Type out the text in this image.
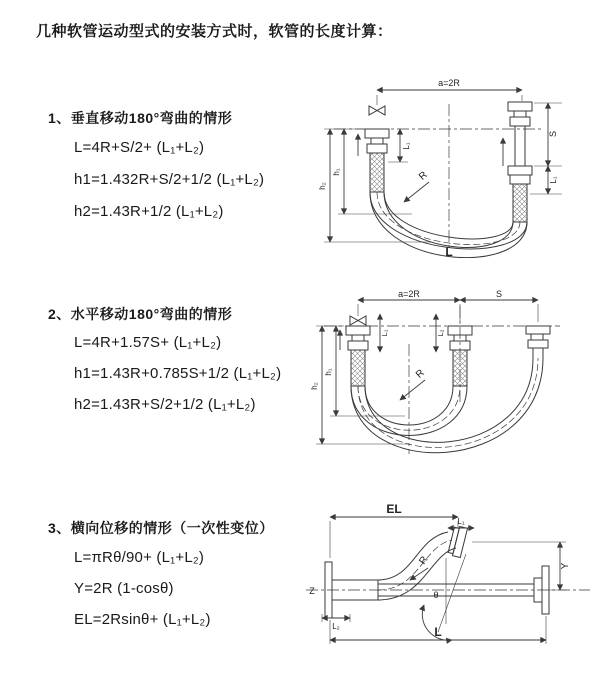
几种软管运动型式的安装方式时，软管的长度计算：
1、垂直移动180°弯曲的情形
L=4R+S/2+ (L₁+L₂)
h1=1.432R+S/2+1/2 (L₁+L₂)
h2=1.43R+1/2 (L₁+L₂)
2、水平移动180°弯曲的情形
L=4R+1.57S+ (L₁+L₂)
h1=1.43R+0.785S+1/2 (L₁+L₂)
h2=1.43R+S/2+1/2 (L₁+L₂)
3、横向位移的情形（一次性变位）
L=πRθ/90+ (L₁+L₂)
Y=2R (1-cosθ)
EL=2Rsinθ+ (L₁+L₂)
a=2R
L₁
S
L₁
R
h₁
h₂
L
a=2R	S
L₁	L₂
R
h₁
h₂
Z
EL
L₁
L₂
θ
R	Y
L
